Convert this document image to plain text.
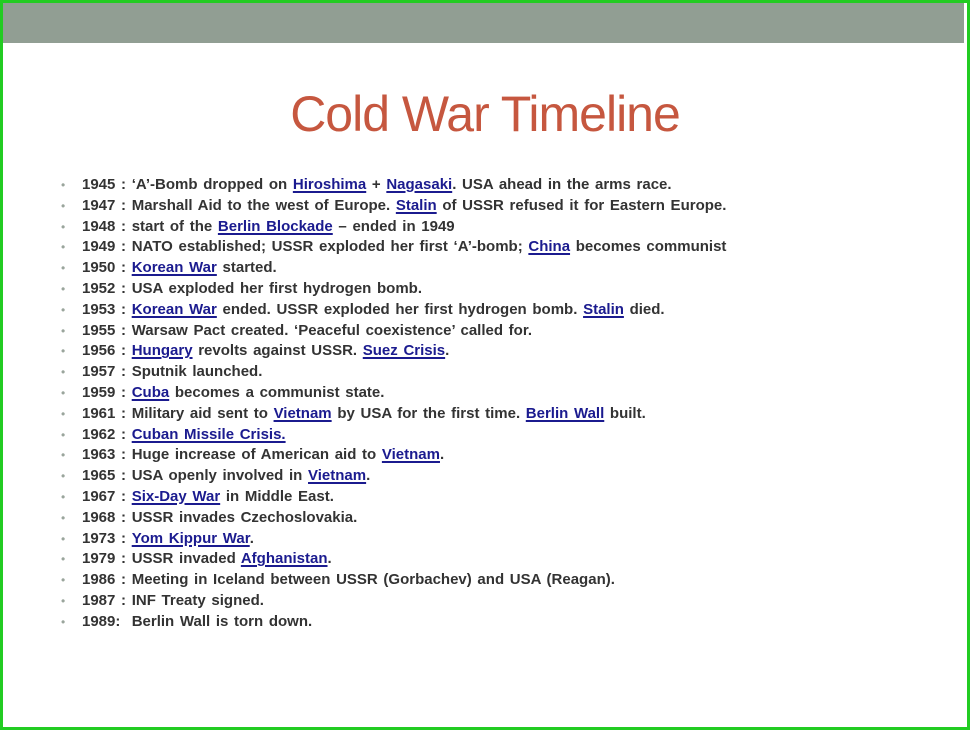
Cold War Timeline
•	1945 : ‘A’-Bomb dropped on Hiroshima + Nagasaki. USA ahead in the arms race.
•	1947 : Marshall Aid to the west of Europe. Stalin of USSR refused it for Eastern Europe.
•	1948 : start of the Berlin Blockade – ended in 1949
•	1949 : NATO established; USSR exploded her first ‘A’-bomb; China becomes communist
•	1950 : Korean War started.
•	1952 : USA exploded her first hydrogen bomb.
•	1953 : Korean War ended. USSR exploded her first hydrogen bomb. Stalin died.
•	1955 : Warsaw Pact created. ‘Peaceful coexistence’ called for.
•	1956 : Hungary revolts against USSR. Suez Crisis.
•	1957 : Sputnik launched.
•	1959 : Cuba becomes a communist state.
•	1961 : Military aid sent to Vietnam by USA for the first time. Berlin Wall built.
•	1962 : Cuban Missile Crisis.
•	1963 : Huge increase of American aid to Vietnam.
•	1965 : USA openly involved in Vietnam.
•	1967 : Six-Day War in Middle East.
•	1968 : USSR invades Czechoslovakia.
•	1973 : Yom Kippur War.
•	1979 : USSR invaded Afghanistan.
•	1986 : Meeting in Iceland between USSR (Gorbachev) and USA (Reagan).
•	1987 : INF Treaty signed.
•	1989: Berlin Wall is torn down.
